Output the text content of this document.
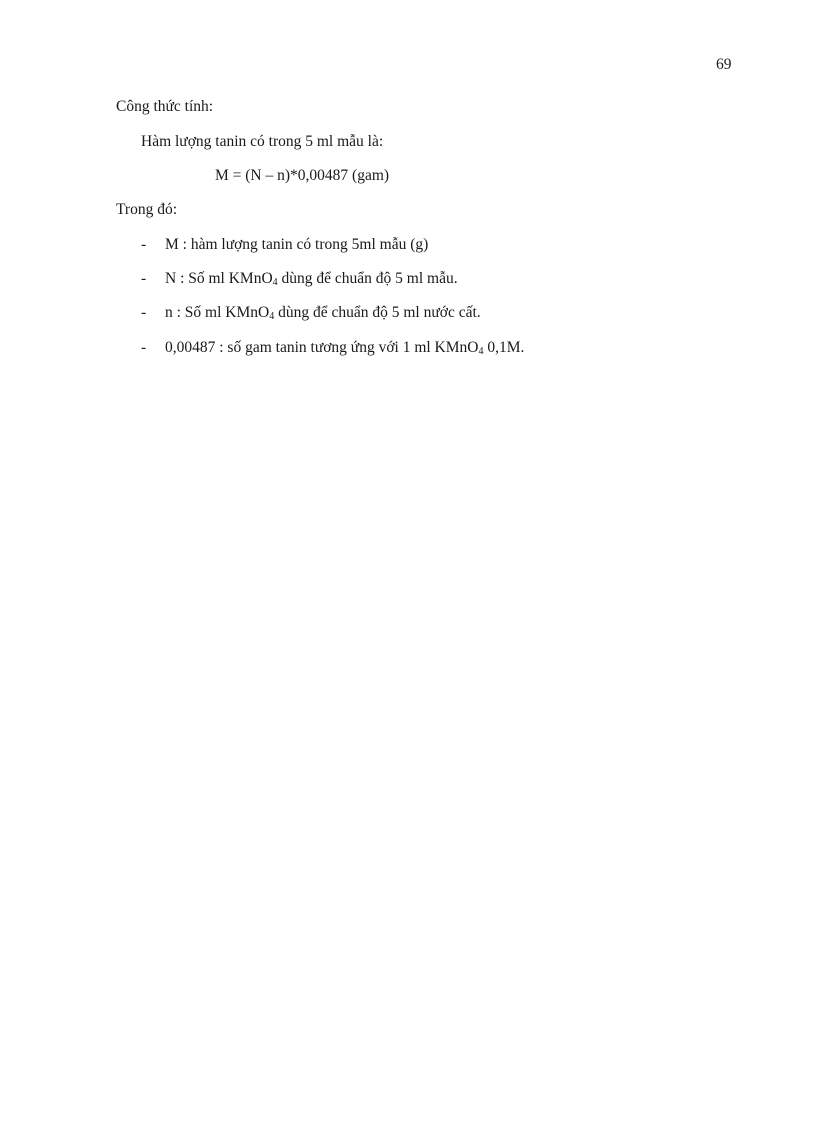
69
Công thức tính:
Hàm lượng tanin có trong 5 ml mẫu là:
M = (N – n)*0,00487 (gam)
Trong đó:
- M : hàm lượng tanin có trong 5ml mẫu (g)
- N : Số ml KMnO$_4$ dùng để chuẩn độ 5 ml mẫu.
- n : Số ml KMnO$_4$ dùng để chuẩn độ 5 ml nước cất.
- 0,00487 : số gam tanin tương ứng với 1 ml KMnO$_4$ 0,1M.
